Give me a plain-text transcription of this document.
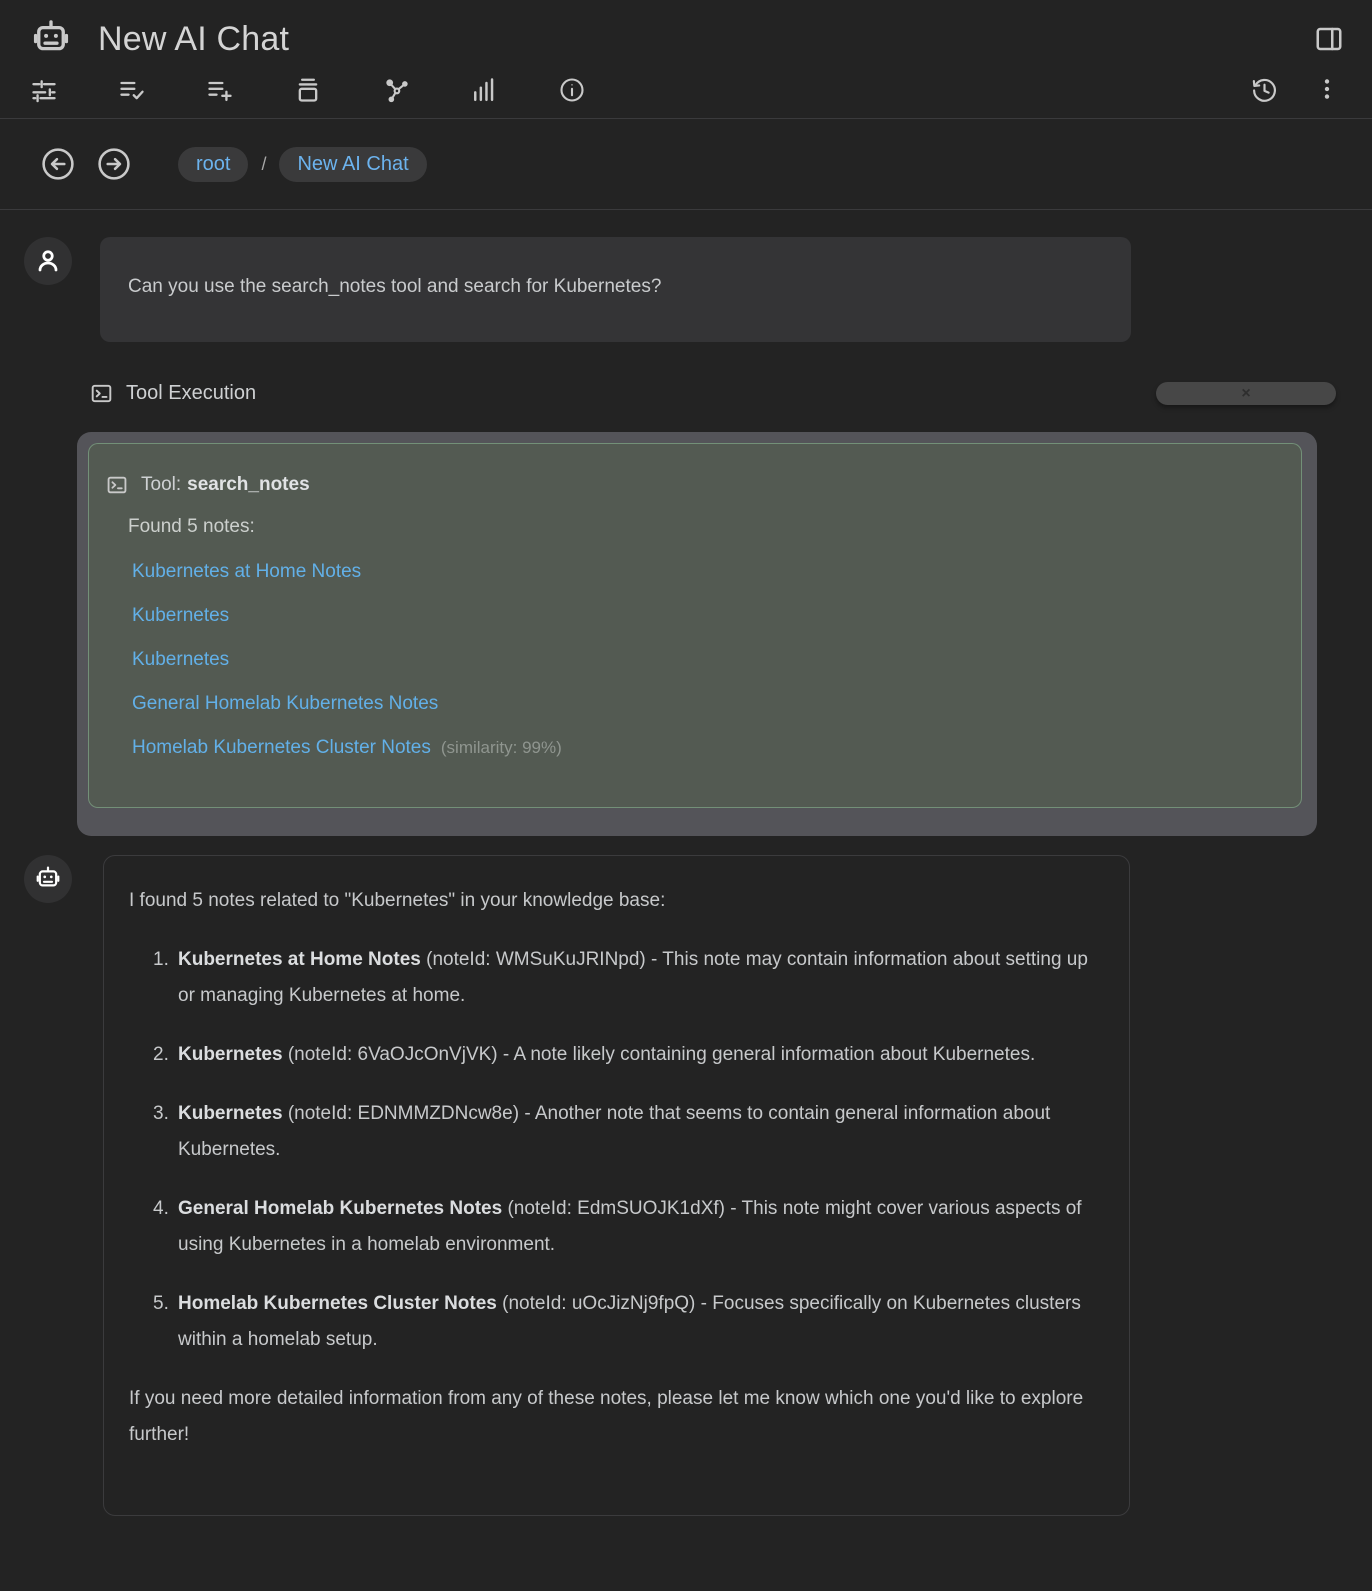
New AI Chat
root	/	New AI Chat
Can you use the search_notes tool and search for Kubernetes?
Tool Execution	×
Tool: search_notes
Found 5 notes:
Kubernetes at Home Notes
Kubernetes
Kubernetes
General Homelab Kubernetes Notes
Homelab Kubernetes Cluster Notes (similarity: 99%)
I found 5 notes related to "Kubernetes" in your knowledge base:
1. Kubernetes at Home Notes (noteId: WMSuKuJRINpd) - This note may contain information about setting up or managing Kubernetes at home.
2. Kubernetes (noteId: 6VaOJcOnVjVK) - A note likely containing general information about Kubernetes.
3. Kubernetes (noteId: EDNMMZDNcw8e) - Another note that seems to contain general information about Kubernetes.
4. General Homelab Kubernetes Notes (noteId: EdmSUOJK1dXf) - This note might cover various aspects of using Kubernetes in a homelab environment.
5. Homelab Kubernetes Cluster Notes (noteId: uOcJizNj9fpQ) - Focuses specifically on Kubernetes clusters within a homelab setup.
If you need more detailed information from any of these notes, please let me know which one you'd like to explore further!
